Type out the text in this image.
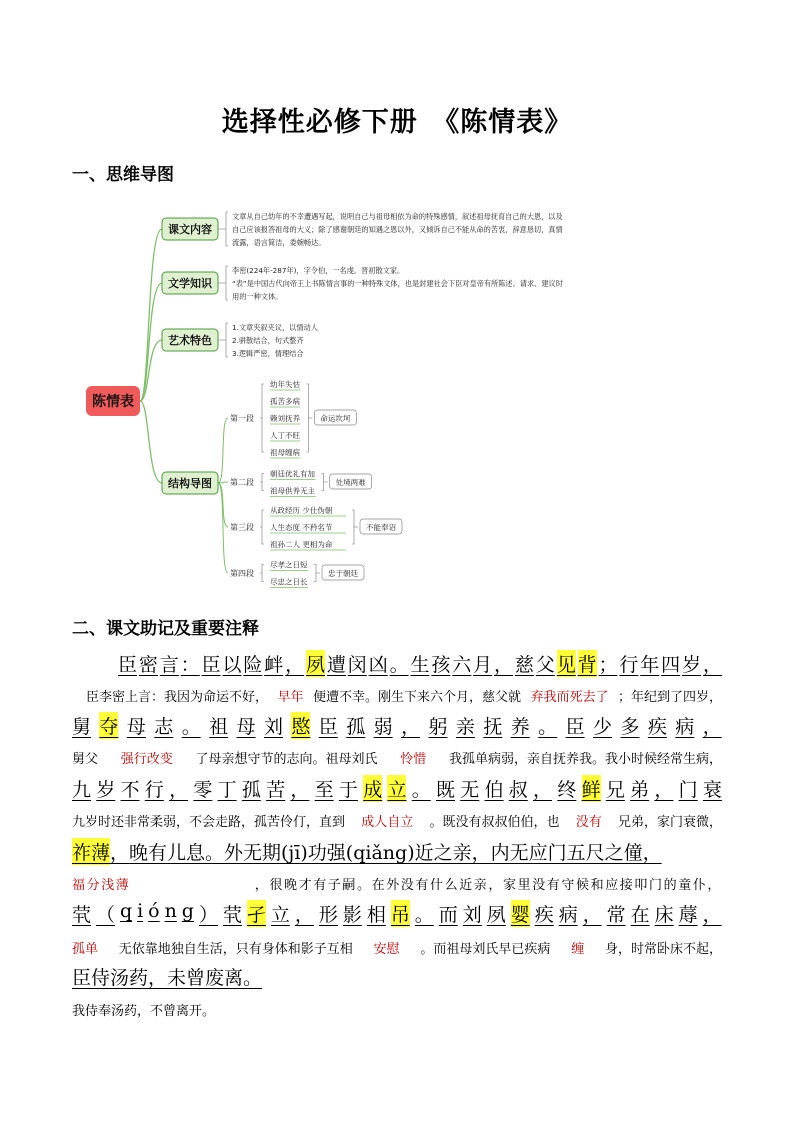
选择性必修下册　《陈情表》
一、思维导图
陈情表
课文内容
文章从自己幼年的不幸遭遇写起，说明自己与祖母相依为命的特殊感情，叙述祖母抚育自己的大恩，以及
自己应该报答祖母的大义；除了感谢朝廷的知遇之恩以外，又倾诉自己不能从命的苦衷，辞意恳切，真情
流露，语言简洁，委婉畅达。
文学知识
李密(224年-287年)，字令伯，一名虔。晋初散文家。
“表”是中国古代向帝王上书陈情言事的一种特殊文体，也是封建社会下臣对皇帝有所陈述、请求、建议时
用的一种文体。
艺术特色
1.文章夹叙夹议，以情动人
2.骈散结合，句式整齐
3.逻辑严密，情理结合
结构导图
第一段
幼年失怙
孤苦多病
赖刘抚养
人丁不旺
祖母缠病
命运坎坷
第二段
朝廷优礼有加
祖母供养无主
处境两难
第三段
从政经历 少仕伪朝
人生态度 不矜名节
祖孙二人 更相为命
不能奉诏
第四段
尽孝之日短
尽忠之日长
忠于朝廷
二、课文助记及重要注释
臣 密 言 ： 臣 以 险 衅 ， 夙 遭 闵 凶 。 生 孩 六 月 ， 慈 父 见 背 ； 行 年 四 岁 ，
臣李密上言：我因为命运不好， 早年 便遭不幸。刚生下来六个月，慈父就 弃我而死去了 ；年纪到了四岁，
舅 夺 母 志 。 祖 母 刘 愍 臣 孤 弱 ， 躬 亲 抚 养 。 臣 少 多 疾 病 ，
舅父 强行改变 了母亲想守节的志向。祖母刘氏 怜惜 我孤单病弱，亲自抚养我。我小时候经常生病，
九 岁 不 行 ， 零 丁 孤 苦 ， 至 于 成 立 。 既 无 伯 叔 ， 终 鲜 兄 弟 ， 门 衰
九岁时还非常柔弱，不会走路，孤苦伶仃，直到 成人自立 。既没有叔叔伯伯，也 没有 兄弟，家门衰微，
祚薄 ，晚有儿息。外无期(jī)功强(qiǎng)近之亲，内无应门五尺之僮，
福分浅薄	，很晚才有子嗣。在外没有什么近亲，家里没有守候和应接叩门的童仆，
茕 （ q i ó n g ） 茕 孑 立 ， 形 影 相 吊 。 而 刘 夙 婴 疾 病 ， 常 在 床 蓐 ，
孤单 无依靠地独自生活，只有身体和影子互相 安慰 。而祖母刘氏早已疾病 缠 身，时常卧床不起，
臣侍汤药，未曾废离。
我侍奉汤药，不曾离开。
